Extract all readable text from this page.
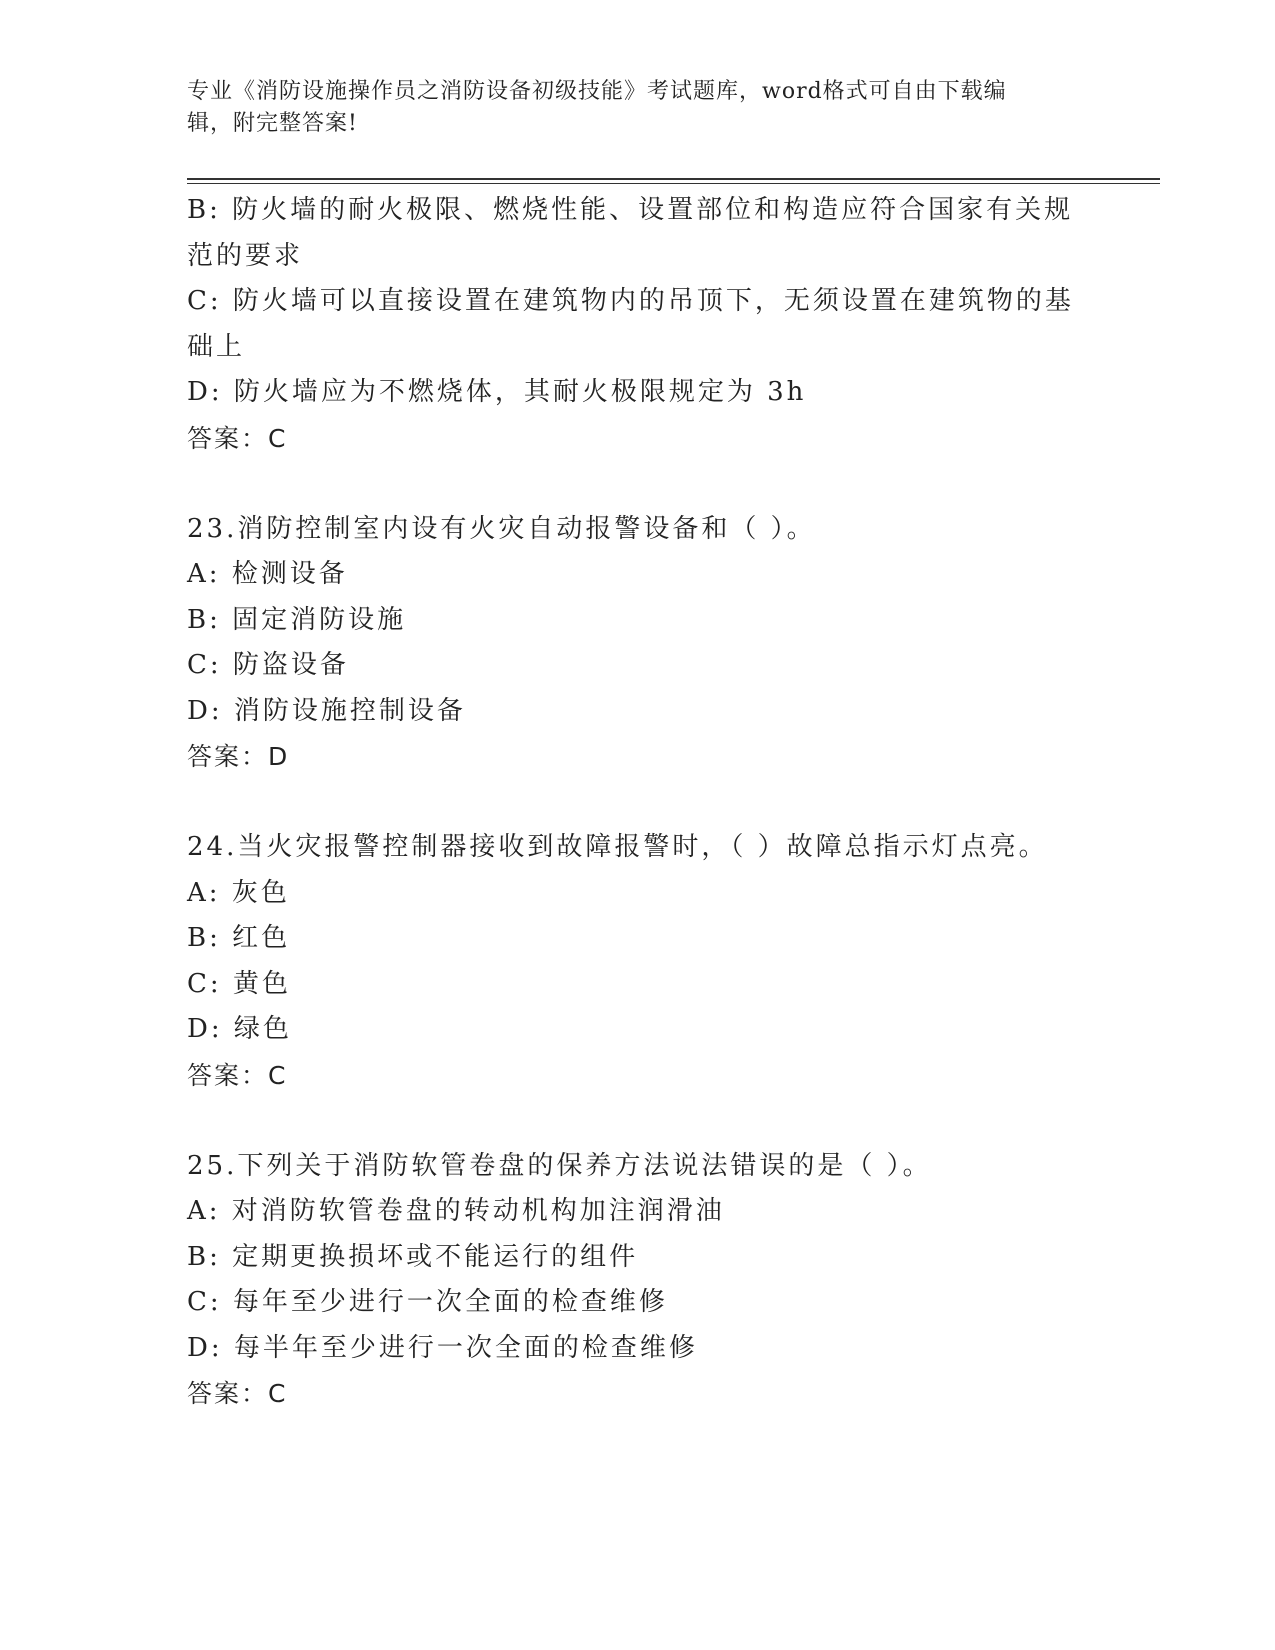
专业《消防设施操作员之消防设备初级技能》考试题库，word格式可自由下载编
辑，附完整答案!
B: 防火墙的耐火极限、燃烧性能、设置部位和构造应符合国家有关规
范的要求
C: 防火墙可以直接设置在建筑物内的吊顶下，无须设置在建筑物的基
础上
D: 防火墙应为不燃烧体，其耐火极限规定为 3h
答案：C
23.消防控制室内设有火灾自动报警设备和（ ）。
A: 检测设备
B: 固定消防设施
C: 防盗设备
D: 消防设施控制设备
答案：D
24.当火灾报警控制器接收到故障报警时，（ ）故障总指示灯点亮。
A: 灰色
B: 红色
C: 黄色
D: 绿色
答案：C
25.下列关于消防软管卷盘的保养方法说法错误的是（ ）。
A: 对消防软管卷盘的转动机构加注润滑油
B: 定期更换损坏或不能运行的组件
C: 每年至少进行一次全面的检查维修
D: 每半年至少进行一次全面的检查维修
答案：C
